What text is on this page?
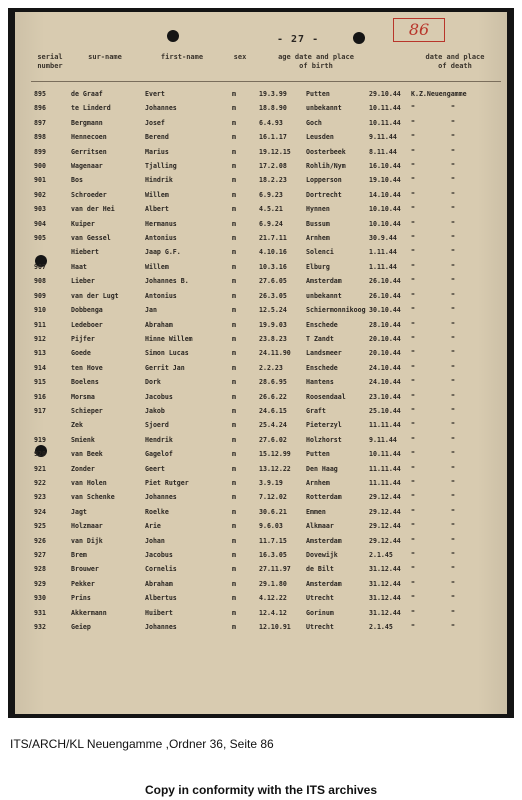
- 27 -
86
serial
number
sur-name	first-name	sex	age date and place
of birth
date and place
of death
895	de Graaf	Evert	m	19.3.99	Putten	29.10.44 K.Z.Neuengamme
896	te Linderd	Johannes	m	18.8.90	unbekannt	10.11.44 "	"
897	Bergmann	Josef	m	6.4.93	Goch	10.11.44 "	"
898	Hennecoen	Berend	m	16.1.17	Leusden	9.11.44 "	"
899	Gerritsen	Marius	m	19.12.15 Oosterbeek	8.11.44 "	"
900	Wagenaar	Tjalling	m	17.2.08	Rohlih/Nym	16.10.44 "	"
901	Bos	Hindrik	m	18.2.23	Lopperson	19.10.44 "	"
902	Schroeder	Willem	m	6.9.23	Dortrecht	14.10.44 "	"
903	van der Hei	Albert	m	4.5.21	Hynnen	10.10.44 "	"
904	Kuiper	Hermanus	m	6.9.24	Bussum	10.10.44 "	"
905	van Gessel	Antonius	m	21.7.11	Arnhem	30.9.44 "	"
Hiebert	Jaap G.F.	m	4.10.16	Solenci	1.11.44 "	"
907	Haat	Willem	m	10.3.16	Elburg	1.11.44 "	"
908	Lieber	Johannes B.	m	27.6.05	Amsterdam	26.10.44 "	"
909	van der Lugt	Antonius	m	26.3.05	unbekannt	26.10.44 "	"
910	Dobbenga	Jan	m	12.5.24	Schiermonnikoog 30.10.44 "	"
911	Ledeboer	Abraham	m	19.9.03	Enschede	28.10.44 "	"
912	Pijfer	Hinne Willem	m	23.8.23	T Zandt	20.10.44 "	"
913	Goede	Simon Lucas	m	24.11.90 Landsmeer	20.10.44 "	"
914	ten Hove	Gerrit Jan	m	2.2.23	Enschede	24.10.44 "	"
915	Boelens	Dork	m	28.6.95	Hantens	24.10.44 "	"
916	Morsma	Jacobus	m	26.6.22	Roosendaal	23.10.44 "	"
917	Schieper	Jakob	m	24.6.15	Graft	25.10.44 "	"
Zek	Sjoerd	m	25.4.24	Pieterzyl	11.11.44 "	"
919	Smienk	Hendrik	m	27.6.02	Holzhorst	9.11.44 "	"
920	van Beek	Gagelof	m	15.12.99 Putten	10.11.44 "	"
921	Zonder	Geert	m	13.12.22 Den Haag	11.11.44 "	"
922	van Holen	Piet Rutger	m	3.9.19	Arnhem	11.11.44 "	"
923	van Schenke	Johannes	m	7.12.02	Rotterdam	29.12.44 "	"
924	Jagt	Roelke	m	30.6.21	Emmen	29.12.44 "	"
925	Holzmaar	Arie	m	9.6.03	Alkmaar	29.12.44 "	"
926	van Dijk	Johan	m	11.7.15	Amsterdam	29.12.44 "	"
927	Brem	Jacobus	m	16.3.05	Dovewijk	2.1.45	"	"
928	Brouwer	Cornelis	m	27.11.97 de Bilt	31.12.44 "	"
929	Pekker	Abraham	m	29.1.80	Amsterdam	31.12.44 "	"
930	Prins	Albertus	m	4.12.22	Utrecht	31.12.44 "	"
931	Akkermann	Huibert	m	12.4.12	Gorinum	31.12.44 "	"
932	Geiep	Johannes	m	12.10.91 Utrecht	2.1.45	"	"
ITS/ARCH/KL Neuengamme ,Ordner 36, Seite 86
Copy in conformity with the ITS archives
